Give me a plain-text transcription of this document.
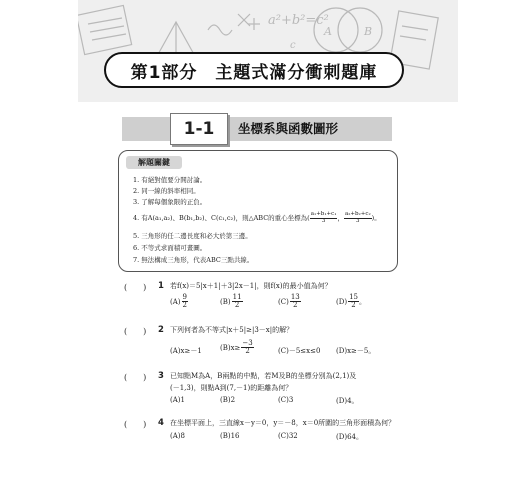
a²+b²=c²
A	B
c
第1部分　主題式滿分衝刺題庫
1-1	坐標系與函數圖形
解題關鍵
1. 有絕對值要分開討論。
2. 同一線的斜率相同。
3. 了解每個象限的正負。
4. 有A(a₁,a₂)、B(b₁,b₂)、C(c₁,c₂)，則△ABC的重心坐標為( $\frac{\text{a₁+b₁+c₁}}{3}$ ， $\frac{\text{a₂+b₂+c₂}}{3}$ )。
5. 三角形的任二邊長度和必大於第三邊。
6. 不等式求面積可畫圖。
7. 無法構成三角形，代表ABC三點共線。
(　　) 1 若f(x)＝5|x＋1|＋3|2x－1|，則f(x)的最小值為何？
$(A) \frac{9}{2}$	$(B) \frac{11}{2}$	$(C) \frac{13}{2}$	$(D) \frac{15}{2}$ 。
(　　) 2 下列何者為不等式|x＋5|≥|3－x|的解？
(A)x≥－1	$(B)x\ge \frac{-3}{2}$	(C)－5≤x≤0 (D)x≥－5。
(　　) 3 已知點M為A，B兩點的中點，若M及B的坐標分別為(2,1)及
(－1,3)，則點A到(7,－1)的距離為何？
(A)1	(B)2	(C)3	(D)4。
(　　) 4 在坐標平面上，三直線x－y＝0，y＝－8，x＝0所圍的三角形面積為何？
(A)8	(B)16	(C)32	(D)64。
